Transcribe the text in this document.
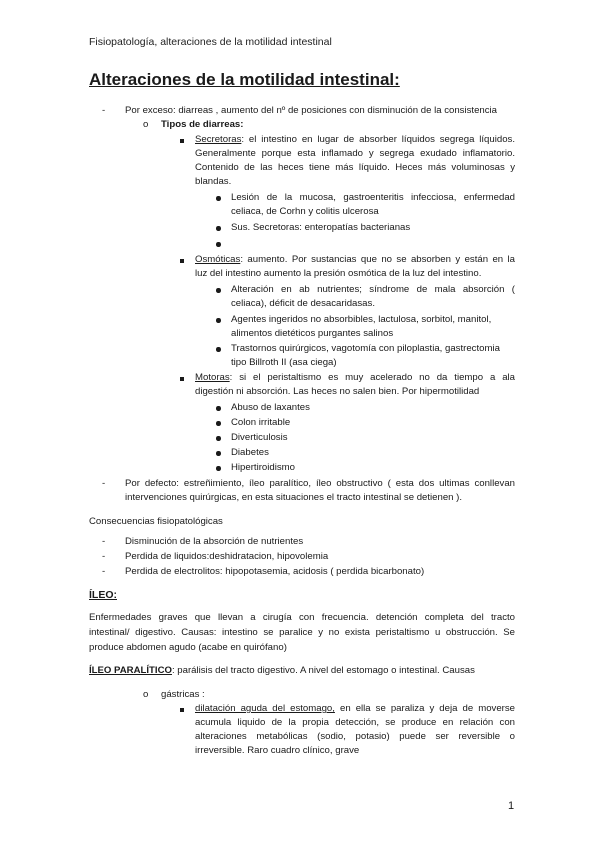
Fisiopatología, alteraciones de la motilidad intestinal
Alteraciones de la motilidad intestinal:
- Por exceso: diarreas , aumento del nº de posiciones con disminución de la consistencia
o Tipos de diarreas:
Secretoras: el intestino en lugar de absorber líquidos segrega líquidos.
Generalmente porque esta inflamado y segrega exudado inflamatorio.
Contenido de las heces tiene más líquido. Heces más voluminosas y
blandas.
Lesión de la mucosa, gastroenteritis infecciosa, enfermedad
celiaca, de Corhn y colitis ulcerosa
Sus. Secretoras: enteropatías bacterianas
Osmóticas: aumento. Por sustancias que no se absorben y están en la
luz del intestino aumento la presión osmótica de la luz del intestino.
Alteración en ab nutrientes; síndrome de mala absorción (
celiaca), déficit de desacaridasas.
Agentes ingeridos no absorbibles, lactulosa, sorbitol, manitol,
alimentos dietéticos purgantes salinos
Trastornos quirúrgicos, vagotomía con piloplastia, gastrectomia
tipo Billroth II (asa ciega)
Motoras: si el peristaltismo es muy acelerado no da tiempo a ala
digestión ni absorción. Las heces no salen bien. Por hipermotilidad
Abuso de laxantes
Colon irritable
Diverticulosis
Diabetes
Hipertiroidismo
- Por defecto: estreñimiento, íleo paralítico, íleo obstructivo ( esta dos ultimas conllevan
intervenciones quirúrgicas, en esta situaciones el tracto intestinal se detienen ).
Consecuencias fisiopatológicas
- Disminución de la absorción de nutrientes
- Perdida de liquidos:deshidratacion, hipovolemia
- Perdida de electrolitos: hipopotasemia, acidosis ( perdida bicarbonato)
ÍLEO:
Enfermedades graves que llevan a cirugía con frecuencia. detención completa del tracto
intestinal/ digestivo. Causas: intestino se paralice y no exista peristaltismo u obstrucción. Se
produce abdomen agudo (acabe en quirófano)
ÍLEO PARALÍTICO: parálisis del tracto digestivo. A nivel del estomago o intestinal. Causas
o gástricas :
dilatación aguda del estomago, en ella se paraliza y deja de moverse
acumula liquido de la propia detección, se produce en relación con
alteraciones metabólicas (sodio, potasio) puede ser reversible o
irreversible. Raro cuadro clínico, grave
1
